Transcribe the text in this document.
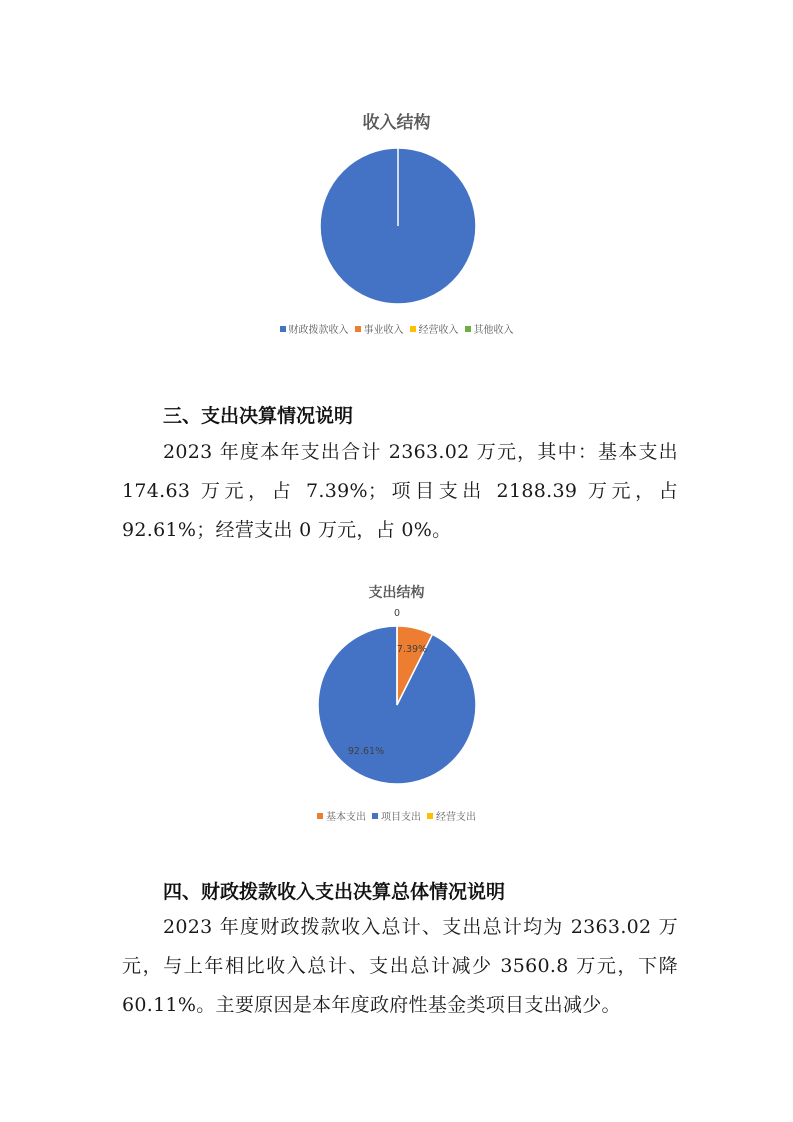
收入结构
财政拨款收入 事业收入 经营收入 其他收入
三、支出决算情况说明
2023 年度本年支出合计 2363.02 万元，其中：基本支出 174.63 万元，占 7.39%；项目支出 2188.39 万元，占 92.61%；经营支出 0 万元，占 0%。
支出结构
7.39%
92.61%
0
基本支出 项目支出 经营支出
四、财政拨款收入支出决算总体情况说明
2023 年度财政拨款收入总计、支出总计均为 2363.02 万元，与上年相比收入总计、支出总计减少 3560.8 万元，下降 60.11%。主要原因是本年度政府性基金类项目支出减少。
